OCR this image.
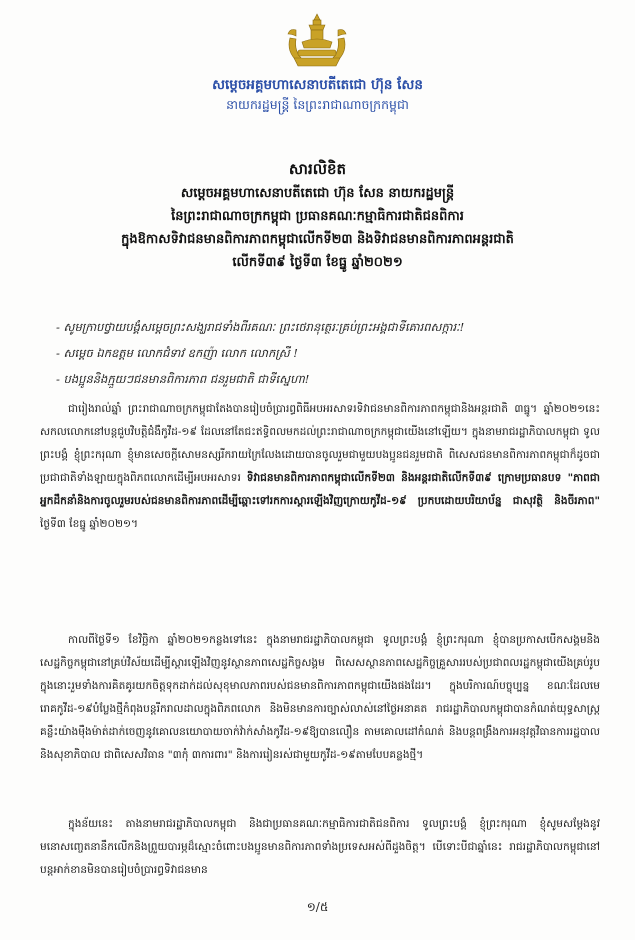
សម្តេចអគ្គមហាសេនាបតីតេជោ ហ៊ុន សែន
នាយករដ្ឋមន្ត្រី នៃព្រះរាជាណាចក្រកម្ពុជា
សារលិខិត
សម្តេចអគ្គមហាសេនាបតីតេជោ ហ៊ុន សែន នាយករដ្ឋមន្ត្រី
នៃព្រះរាជាណាចក្រកម្ពុជា ប្រធានគណៈកម្មាធិការជាតិជនពិការ
ក្នុងឱកាសទិវាជនមានពិការភាពកម្ពុជាលើកទី២៣ និងទិវាជនមានពិការភាពអន្តរជាតិ
លើកទី៣៩ ថ្ងៃទី៣ ខែធ្នូ ឆ្នាំ២០២១
- សូមក្រាបថ្វាយបង្គំសម្តេចព្រះសង្ឃរាជទាំងពីរគណៈ ព្រះថេរានុត្ថេរៈគ្រប់ព្រះអង្គជាទីគោរពសក្ការៈ!
- សម្តេច ឯកឧត្តម លោកជំទាវ ឧកញ៉ា លោក លោកស្រី !
- បងប្អូននិងក្មួយៗជនមានពិការភាព ជនរួមជាតិ ជាទីស្នេហា!
ជារៀងរាល់ឆ្នាំ ព្រះរាជាណាចក្រកម្ពុជាតែងបានរៀបចំប្រារព្ធពិធីអបអរសាទរទិវាជនមានពិការភាពកម្ពុជានិងអន្តរជាតិ ៣ធ្នូ។ ឆ្នាំ២០២១នេះ សកលលោកនៅបន្តជួបវិបត្តិជំងឺកូវីដ-១៩ ដែលនៅតែជះឥទ្ធិពលមកដល់ព្រះរាជាណាចក្រកម្ពុជាយើងនៅឡើយ។ ក្នុងនាមរាជរដ្ឋាភិបាលកម្ពុជា ទូលព្រះបង្គំ ខ្ញុំព្រះករុណា ខ្ញុំមានសេចក្តីសោមនស្សរីករាយក្រៃលែងដោយបានចូលរួមជាមួយបងប្អូនជនរួមជាតិ ពិសេសជនមានពិការភាពកម្ពុជាក៏ដូចជាប្រជាជាតិទាំងឡាយក្នុងពិភពលោកដើម្បីអបអរសាទរ ទិវាជនមានពិការភាពកម្ពុជាលើកទី២៣ និងអន្តរជាតិលើកទី៣៩ ក្រោមប្រធានបទ "ភាពជាអ្នកដឹកនាំនិងការចូលរួមរបស់ជនមានពិការភាពដើម្បីឆ្ពោះទៅរកការស្តារឡើងវិញក្រោយកូវីដ-១៩ ប្រកបដោយបរិយាប័ន្ន ជាសុវត្ថិ និងចីរភាព" ថ្ងៃទី៣ ខែធ្នូ ឆ្នាំ២០២១។
កាលពីថ្ងៃទី១ ខែវិច្ឆិកា ឆ្នាំ២០២១កន្លងទៅនេះ ក្នុងនាមរាជរដ្ឋាភិបាលកម្ពុជា ទូលព្រះបង្គំ ខ្ញុំព្រះករុណា ខ្ញុំបានប្រកាសបើកសង្គមនិងសេដ្ឋកិច្ចកម្ពុជានៅគ្រប់វិស័យដើម្បីស្តារឡើងវិញនូវស្ថានភាពសេដ្ឋកិច្ចសង្គម ពិសេសស្ថានភាពសេដ្ឋកិច្ចគ្រួសាររបស់ប្រជាពលរដ្ឋកម្ពុជាយើងគ្រប់រូប ក្នុងនោះរួមទាំងការគិតគូរយកចិត្តទុកដាក់ដល់សុខុមាលភាពរបស់ជនមានពិការភាពកម្ពុជាយើងផងដែរ។ ក្នុងបរិការណ៍បច្ចុប្បន្ន ខណៈដែលមេរោគកូវីដ-១៩បំប្លែងថ្មីកំពុងបន្តរីករាលដាលក្នុងពិភពលោក និងមិនមានការច្បាស់លាស់នៅថ្ងៃអនាគត រាជរដ្ឋាភិបាលកម្ពុជាបានកំណត់យុទ្ធសាស្ត្រគន្លឹះយ៉ាងម៉ឺងម៉ាត់ដាក់ចេញនូវគោលនយោបាយចាក់វ៉ាក់សាំងកូវីដ-១៩ឱ្យបានលឿន តាមគោលដៅកំណត់ និងបន្តពង្រឹងការអនុវត្តវិធានការរដ្ឋបាលនិងសុខាភិបាល ជាពិសេសវិធាន "៣កុំ ៣ការពារ" និងការរៀនរស់ជាមួយកូវីដ-១៩តាមបែបគន្លងថ្មី។
ក្នុងន័យនេះ តាងនាមរាជរដ្ឋាភិបាលកម្ពុជា និងជាប្រធានគណៈកម្មាធិការជាតិជនពិការ ទូលព្រះបង្គំ ខ្ញុំព្រះករុណា ខ្ញុំសូមសម្តែងនូវមនោសញ្ចេតនានឹកលើកនិងព្រួយបារម្ភដ៏ស្មោះចំពោះបងប្អូនមានពិការភាពទាំងប្រទេសអស់ពីដួងចិត្ត។ បើទោះបីជាឆ្នាំនេះ រាជរដ្ឋាភិបាលកម្ពុជានៅបន្តអាក់ខានមិនបានរៀបចំប្រារព្ធទិវាជនមាន
១/៥
